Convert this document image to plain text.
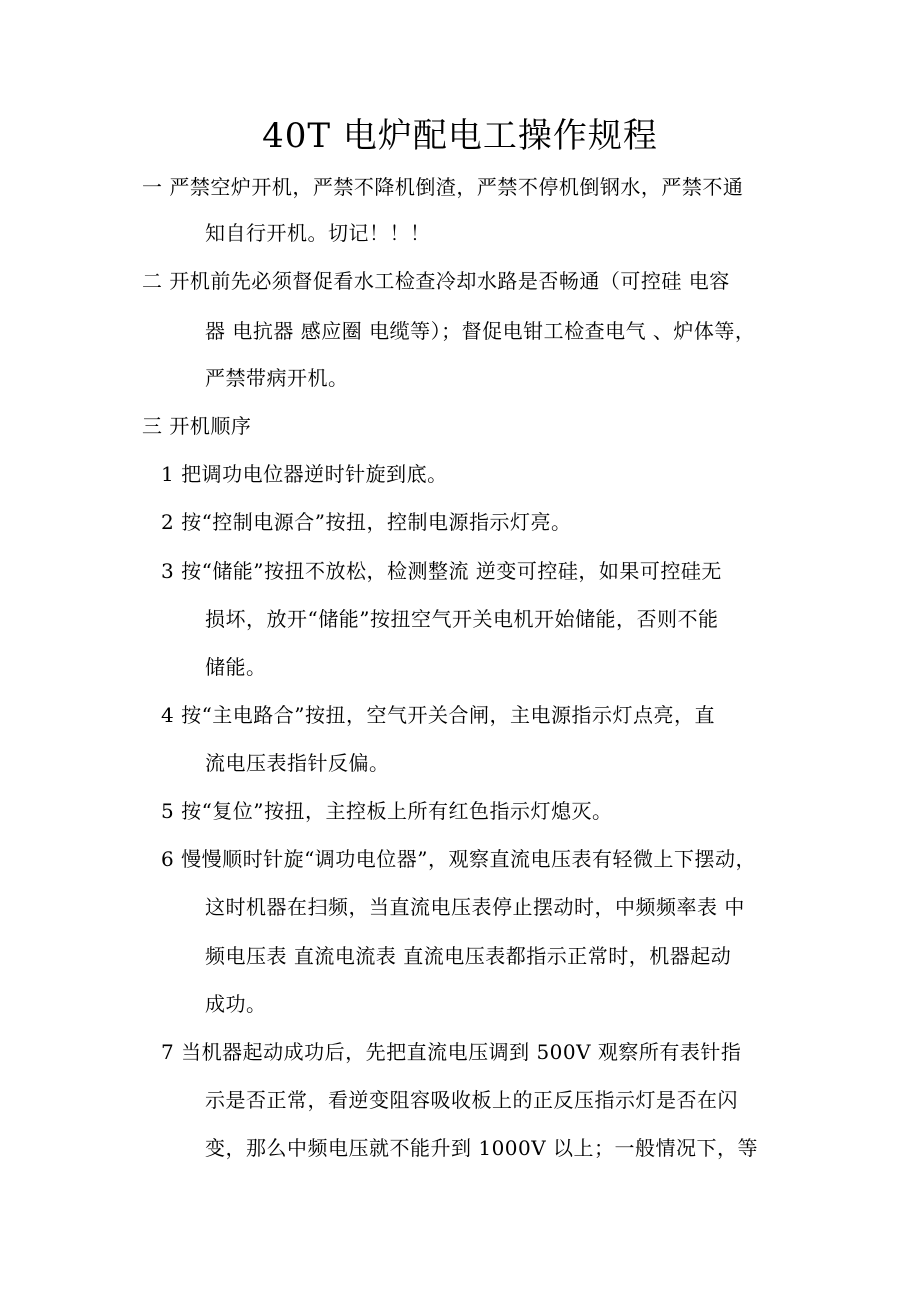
40T 电炉配电工操作规程
一 严禁空炉开机，严禁不降机倒渣，严禁不停机倒钢水，严禁不通
知自行开机。切记！！！
二 开机前先必须督促看水工检查冷却水路是否畅通（可控硅 电容
器 电抗器 感应圈 电缆等）；督促电钳工检查电气 、炉体等，
严禁带病开机。
三 开机顺序
1 把调功电位器逆时针旋到底。
2 按“控制电源合”按扭，控制电源指示灯亮。
3 按“储能”按扭不放松，检测整流 逆变可控硅，如果可控硅无
损坏，放开“储能”按扭空气开关电机开始储能，否则不能
储能。
4 按“主电路合”按扭，空气开关合闸，主电源指示灯点亮，直
流电压表指针反偏。
5 按“复位”按扭，主控板上所有红色指示灯熄灭。
6 慢慢顺时针旋“调功电位器”，观察直流电压表有轻微上下摆动，
这时机器在扫频，当直流电压表停止摆动时，中频频率表 中
频电压表 直流电流表 直流电压表都指示正常时，机器起动
成功。
7 当机器起动成功后，先把直流电压调到 500V 观察所有表针指
示是否正常，看逆变阻容吸收板上的正反压指示灯是否在闪
变，那么中频电压就不能升到 1000V 以上；一般情况下，等
